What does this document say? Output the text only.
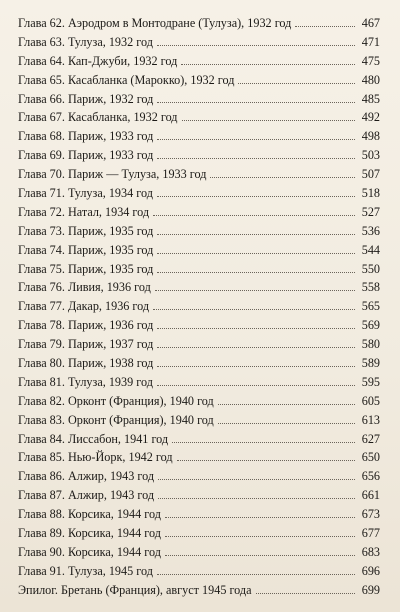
Глава 62. Аэродром в Монтодране (Тулуза), 1932 год	467
Глава 63. Тулуза, 1932 год	471
Глава 64. Кап-Джуби, 1932 год	475
Глава 65. Касабланка (Марокко), 1932 год	480
Глава 66. Париж, 1932 год	485
Глава 67. Касабланка, 1932 год	492
Глава 68. Париж, 1933 год	498
Глава 69. Париж, 1933 год	503
Глава 70. Париж — Тулуза, 1933 год	507
Глава 71. Тулуза, 1934 год	518
Глава 72. Натал, 1934 год	527
Глава 73. Париж, 1935 год	536
Глава 74. Париж, 1935 год	544
Глава 75. Париж, 1935 год	550
Глава 76. Ливия, 1936 год	558
Глава 77. Дакар, 1936 год	565
Глава 78. Париж, 1936 год	569
Глава 79. Париж, 1937 год	580
Глава 80. Париж, 1938 год	589
Глава 81. Тулуза, 1939 год	595
Глава 82. Орконт (Франция), 1940 год	605
Глава 83. Орконт (Франция), 1940 год	613
Глава 84. Лиссабон, 1941 год	627
Глава 85. Нью-Йорк, 1942 год	650
Глава 86. Алжир, 1943 год	656
Глава 87. Алжир, 1943 год	661
Глава 88. Корсика, 1944 год	673
Глава 89. Корсика, 1944 год	677
Глава 90. Корсика, 1944 год	683
Глава 91. Тулуза, 1945 год	696
Эпилог. Бретань (Франция), август 1945 года	699
